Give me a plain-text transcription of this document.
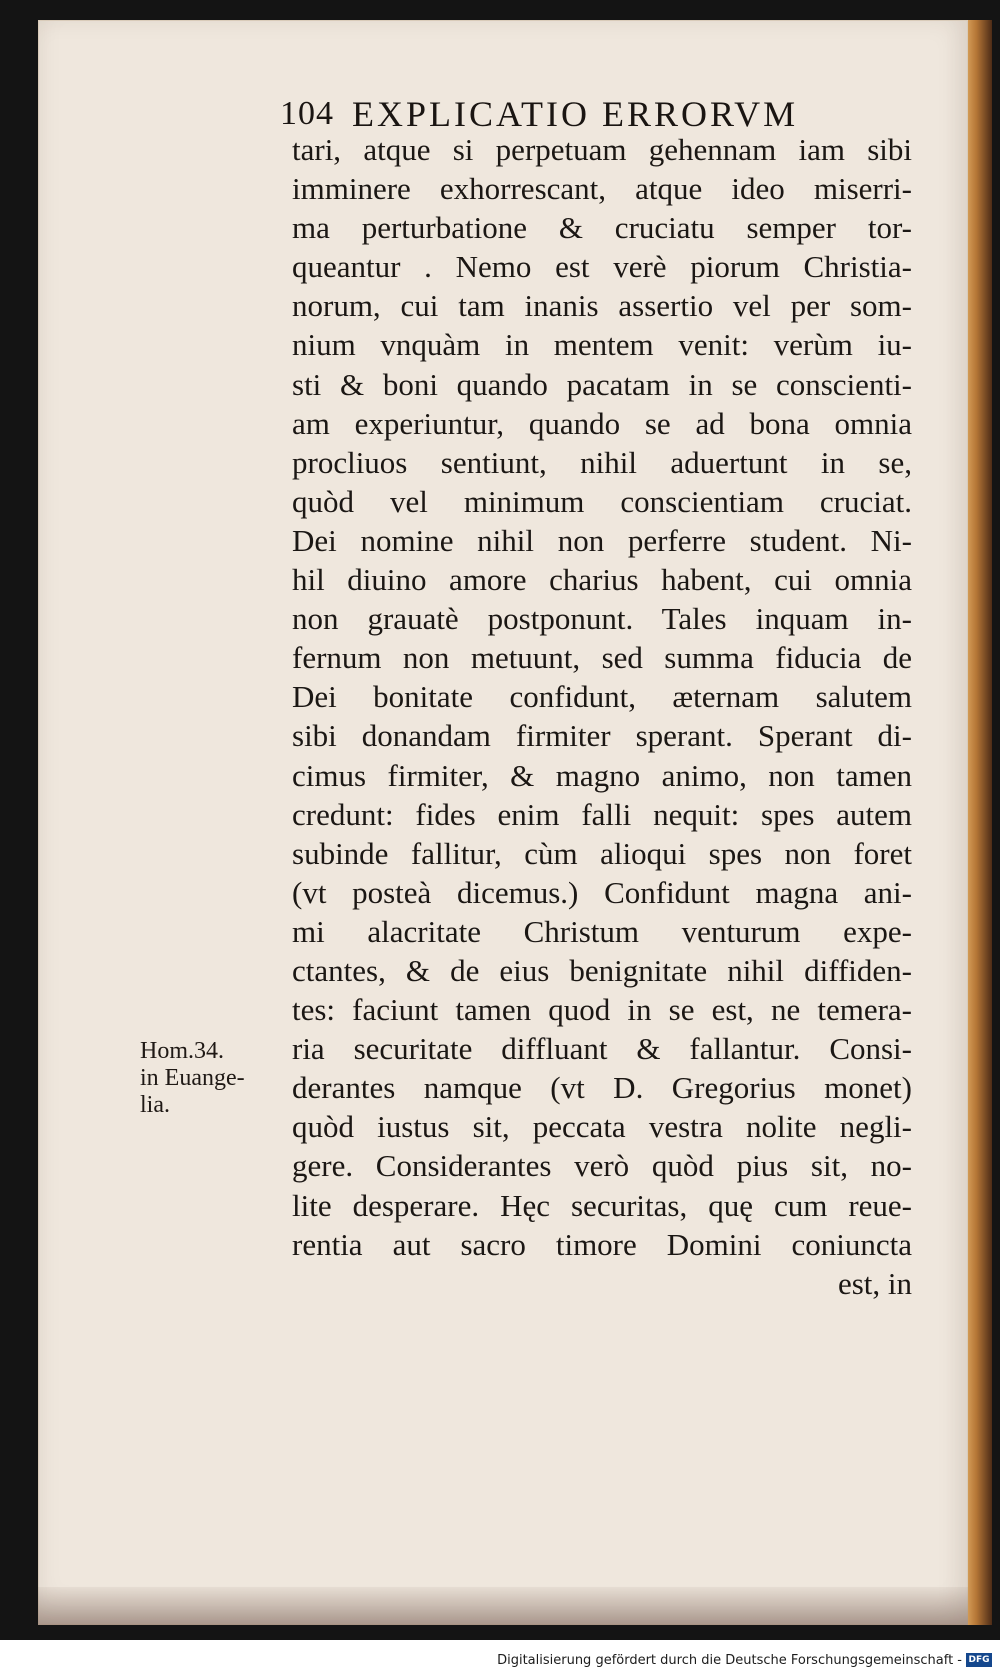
104 EXPLICATIO ERRORVM
tari, atque si perpetuam gehennam iam sibi
imminere exhorrescant, atque ideo miserri-
ma perturbatione & cruciatu semper tor-
queantur . Nemo est verè piorum Christia-
norum, cui tam inanis assertio vel per som-
nium vnquàm in mentem venit: verùm iu-
sti & boni quando pacatam in se conscienti-
am experiuntur, quando se ad bona omnia
procliuos sentiunt, nihil aduertunt in se,
quòd vel minimum conscientiam cruciat.
Dei nomine nihil non perferre student. Ni-
hil diuino amore charius habent, cui omnia
non grauatè postponunt. Tales inquam in-
fernum non metuunt, sed summa fiducia de
Dei bonitate confidunt, æternam salutem
sibi donandam firmiter sperant. Sperant di-
cimus firmiter, & magno animo, non tamen
credunt: fides enim falli nequit: spes autem
subinde fallitur, cùm alioqui spes non foret
(vt posteà dicemus.) Confidunt magna ani-
mi alacritate Christum venturum expe-
ctantes, & de eius benignitate nihil diffiden-
tes: faciunt tamen quod in se est, ne temera-
ria securitate diffluant & fallantur. Consi-
derantes namque (vt D. Gregorius monet)
quòd iustus sit, peccata vestra nolite negli-
gere. Considerantes verò quòd pius sit, no-
lite desperare. Hęc securitas, quę cum reue-
rentia aut sacro timore Domini coniuncta
est, in
Hom.34.
in Euange-
lia.
Digitalisierung gefördert durch die Deutsche Forschungsgemeinschaft - DFG
